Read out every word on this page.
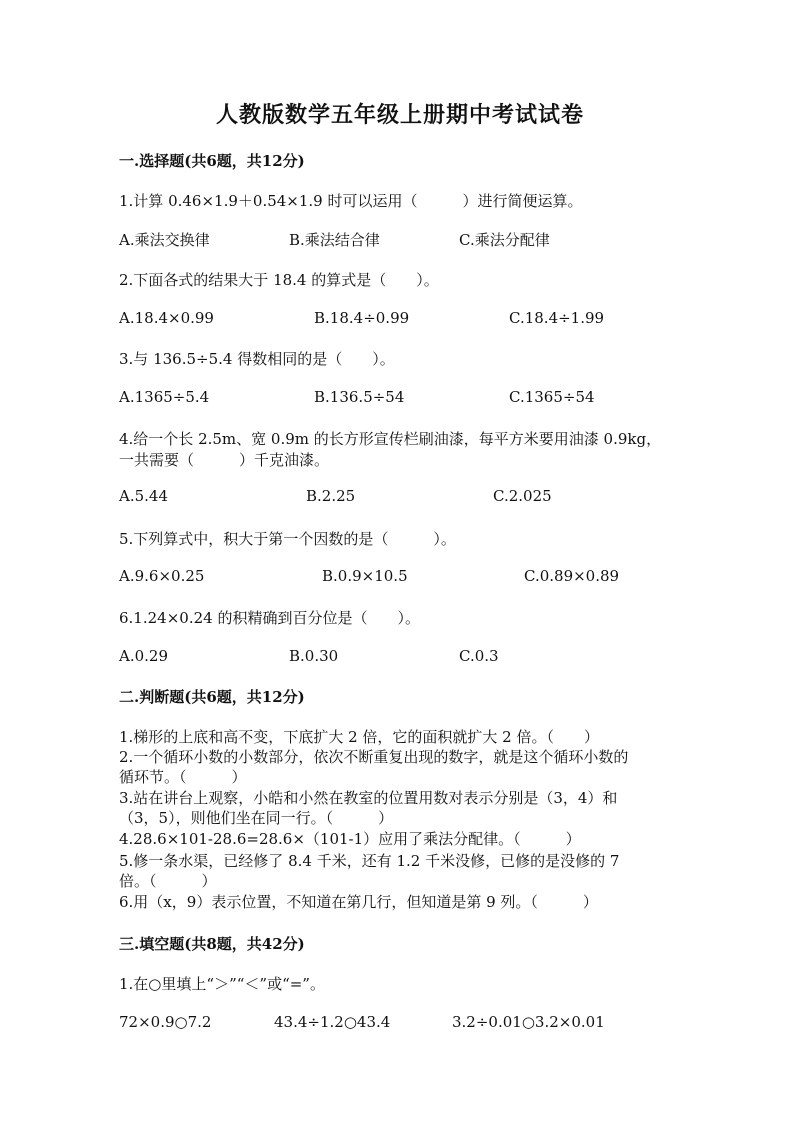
人教版数学五年级上册期中考试试卷
一.选择题(共6题，共12分)
1.计算 0.46×1.9＋0.54×1.9 时可以运用（　　　）进行简便运算。
A.乘法交换律	B.乘法结合律	C.乘法分配律
2.下面各式的结果大于 18.4 的算式是（　　）。
A.18.4×0.99	B.18.4÷0.99	C.18.4÷1.99
3.与 136.5÷5.4 得数相同的是（　　）。
A.1365÷5.4	B.136.5÷54	C.1365÷54
4.给一个长 2.5m、宽 0.9m 的长方形宣传栏刷油漆，每平方米要用油漆 0.9kg，
一共需要（　　　）千克油漆。
A.5.44	B.2.25	C.2.025
5.下列算式中，积大于第一个因数的是（　　　）。
A.9.6×0.25	B.0.9×10.5	C.0.89×0.89
6.1.24×0.24 的积精确到百分位是（　　）。
A.0.29	B.0.30	C.0.3
二.判断题(共6题，共12分)
1.梯形的上底和高不变，下底扩大 2 倍，它的面积就扩大 2 倍。（　　）
2.一个循环小数的小数部分，依次不断重复出现的数字，就是这个循环小数的
循环节。（　　　）
3.站在讲台上观察，小皓和小然在教室的位置用数对表示分别是（3，4）和
（3，5），则他们坐在同一行。（　　　）
4.28.6×101-28.6=28.6×（101-1）应用了乘法分配律。（　　　）
5.修一条水渠，已经修了 8.4 千米，还有 1.2 千米没修，已修的是没修的 7
倍。（　　　）
6.用（x，9）表示位置，不知道在第几行，但知道是第 9 列。（　　　）
三.填空题(共8题，共42分)
1.在○里填上“＞”“＜”或“=”。
72×0.9○7.2	43.4÷1.2○43.4	3.2÷0.01○3.2×0.01
